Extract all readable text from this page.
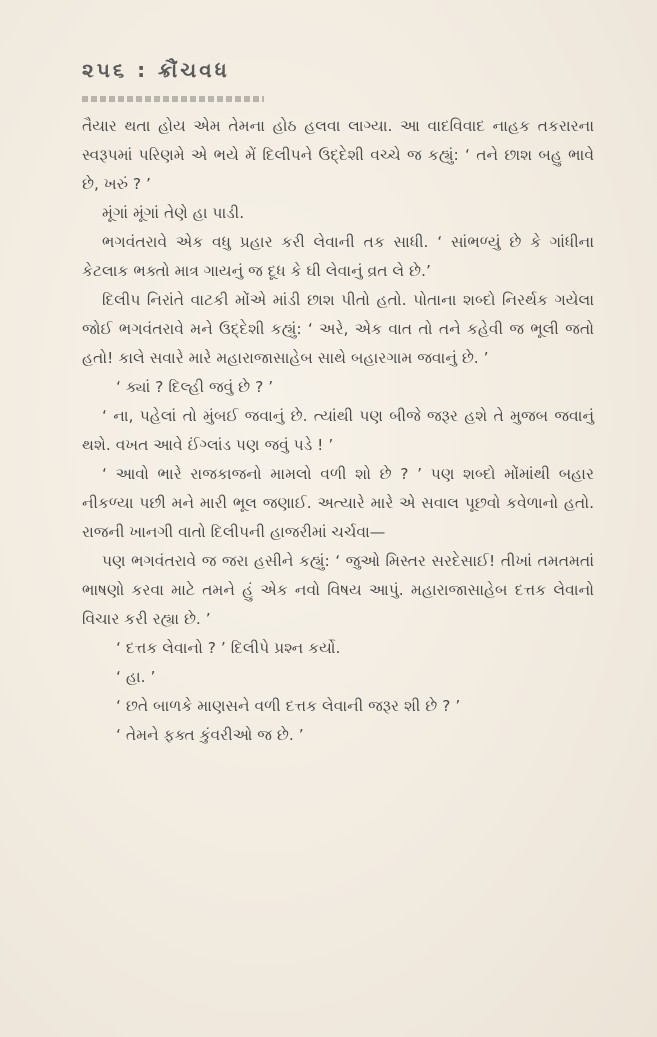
૨૫૬ : ક્રૌંચવધ

તૈયાર થતા હોય એમ તેમના હોઠ હલવા લાગ્યા. આ વાદવિવાદ નાહક તકરારના સ્વરૂપમાં પરિણમે એ ભયે મેં દિલીપને ઉદ્દેશી વચ્ચે જ કહ્યું: ‘ તને છાશ બહુ ભાવે છે, ખરું ? ’

મૂંગાં મૂંગાં તેણે હા પાડી.

ભગવંતરાવે એક વધુ પ્રહાર કરી લેવાની તક સાધી. ‘ સાંભળ્યું છે કે ગાંધીના કેટલાક ભક્તો માત્ર ગાયનું જ દૂધ કે ઘી લેવાનું વ્રત લે છે.’

દિલીપ નિરાંતે વાટકી મોંએ માંડી છાશ પીતો હતો. પોતાના શબ્દો નિરર્થક ગયેલા જોઈ ભગવંતરાવે મને ઉદ્દેશી કહ્યું: ‘ અરે, એક વાત તો તને કહેવી જ ભૂલી જતો હતો! કાલે સવારે મારે મહારાજાસાહેબ સાથે બહારગામ જવાનું છે. ’

‘ ક્યાં ? દિલ્હી જવું છે ? ’

‘ ના, પહેલાં તો મુંબઈ જવાનું છે. ત્યાંથી પણ બીજે જરૂર હશે તે મુજબ જવાનું થશે. વખત આવે ઈંગ્લાંડ પણ જવું પડે ! ’

‘ આવો ભારે રાજકાજનો મામલો વળી શો છે ? ’ પણ શબ્દો મોંમાંથી બહાર નીકળ્યા પછી મને મારી ભૂલ જણાઈ. અત્યારે મારે એ સવાલ પૂછવો કવેળાનો હતો. રાજની ખાનગી વાતો દિલીપની હાજરીમાં ચર્ચવા—

પણ ભગવંતરાવે જ જરા હસીને કહ્યું: ‘ જુઓ મિસ્તર સરદેસાઈ! તીખાં તમતમતાં ભાષણો કરવા માટે તમને હું એક નવો વિષય આપું. મહારાજાસાહેબ દત્તક લેવાનો વિચાર કરી રહ્યા છે. ’

‘ દત્તક લેવાનો ? ’ દિલીપે પ્રશ્ન કર્યો.

‘ હા. ’

‘ છતે બાળકે માણસને વળી દત્તક લેવાની જરૂર શી છે ? ’

‘ તેમને ફક્ત કુંવરીઓ જ છે. ’
